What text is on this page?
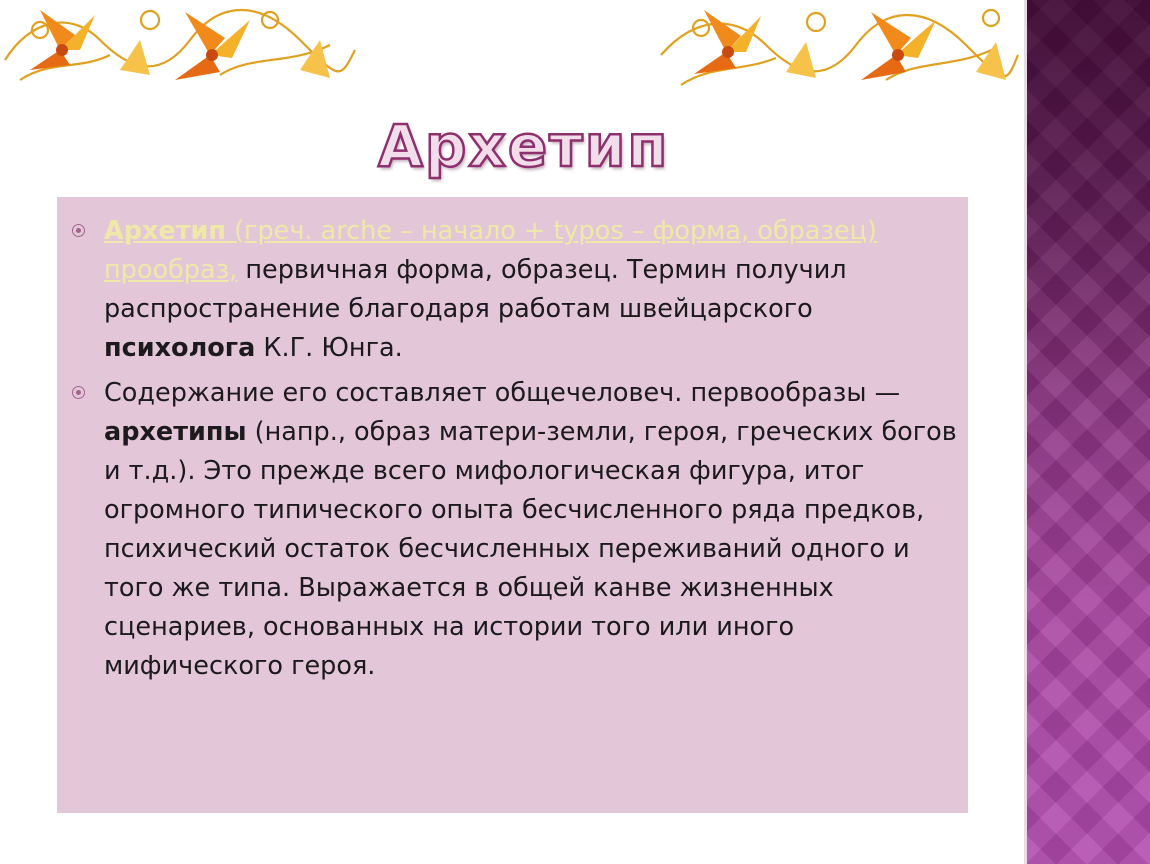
Архетип
Архетип (греч. arche – начало + typos – форма, образец) прообраз, первичная форма, образец. Термин получил распространение благодаря работам швейцарского психолога К.Г. Юнга.
Содержание его составляет общечеловеч. первообразы — архетипы (напр., образ матери-земли, героя, греческих богов и т.д.). Это прежде всего мифологическая фигура, итог огромного типического опыта бесчисленного ряда предков, психический остаток бесчисленных переживаний одного и того же типа. Выражается в общей канве жизненных сценариев, основанных на истории того или иного мифического героя.
